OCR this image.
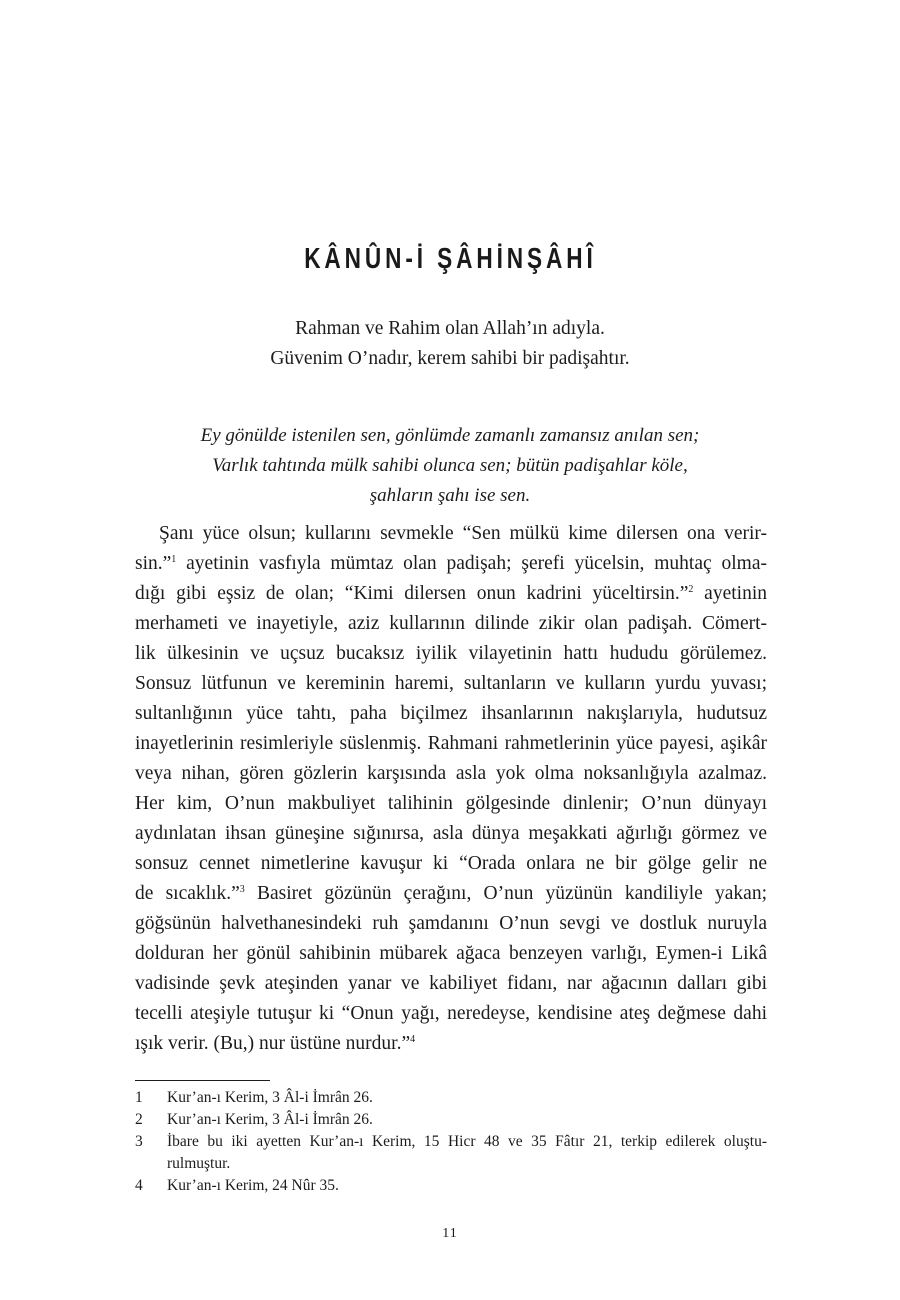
KÂNÛN-İ ŞÂHİNŞÂHÎ
Rahman ve Rahim olan Allah’ın adıyla.
Güvenim O’nadır, kerem sahibi bir padişahtır.
Ey gönülde istenilen sen, gönlümde zamanlı zamansız anılan sen;
Varlık tahtında mülk sahibi olunca sen; bütün padişahlar köle,
şahların şahı ise sen.
Şanı yüce olsun; kullarını sevmekle “Sen mülkü kime dilersen ona verir-
sin.”$^1$ ayetinin vasfıyla mümtaz olan padişah; şerefi yücelsin, muhtaç olma-
dığı gibi eşsiz de olan; “Kimi dilersen onun kadrini yüceltirsin.”$^2$ ayetinin
merhameti ve inayetiyle, aziz kullarının dilinde zikir olan padişah. Cömert-
lik ülkesinin ve uçsuz bucaksız iyilik vilayetinin hattı hududu görülemez.
Sonsuz lütfunun ve kereminin haremi, sultanların ve kulların yurdu yuvası;
sultanlığının yüce tahtı, paha biçilmez ihsanlarının nakışlarıyla, hudutsuz
inayetlerinin resimleriyle süslenmiş. Rahmani rahmetlerinin yüce payesi, aşikâr
veya nihan, gören gözlerin karşısında asla yok olma noksanlığıyla azalmaz.
Her kim, O’nun makbuliyet talihinin gölgesinde dinlenir; O’nun dünyayı
aydınlatan ihsan güneşine sığınırsa, asla dünya meşakkati ağırlığı görmez ve
sonsuz cennet nimetlerine kavuşur ki “Orada onlara ne bir gölge gelir ne
de sıcaklık.”$^3$ Basiret gözünün çerağını, O’nun yüzünün kandiliyle yakan;
göğsünün halvethanesindeki ruh şamdanını O’nun sevgi ve dostluk nuruyla
dolduran her gönül sahibinin mübarek ağaca benzeyen varlığı, Eymen-i Likâ
vadisinde şevk ateşinden yanar ve kabiliyet fidanı, nar ağacının dalları gibi
tecelli ateşiyle tutuşur ki “Onun yağı, neredeyse, kendisine ateş değmese dahi
ışık verir. (Bu,) nur üstüne nurdur.”$^4$
1	Kur’an-ı Kerim, 3 Âl-i İmrân 26.
2	Kur’an-ı Kerim, 3 Âl-i İmrân 26.
3	İbare bu iki ayetten Kur’an-ı Kerim, 15 Hicr 48 ve 35 Fâtır 21, terkip edilerek oluştu-
rulmuştur.
4	Kur’an-ı Kerim, 24 Nûr 35.
11
